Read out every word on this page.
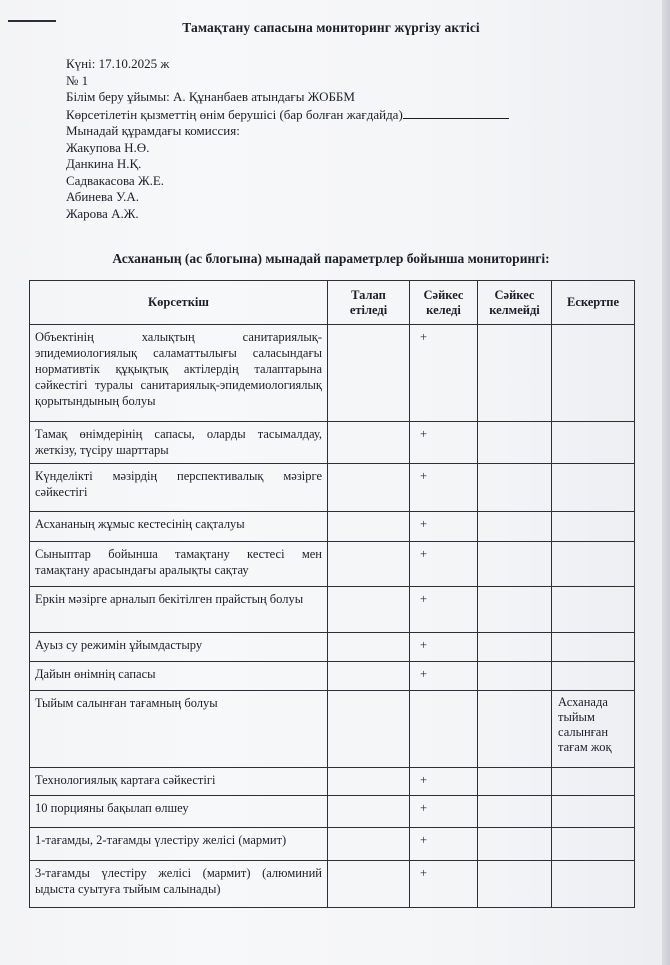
Тамақтану сапасына мониторинг жүргізу актісі
Күні: 17.10.2025 ж
№ 1
Білім беру ұйымы: А. Құнанбаев атындағы ЖОББМ
Көрсетілетін қызметтің өнім берушісі (бар болған жағдайда)
Мынадай құрамдағы комиссия:
Жакупова Н.Ө.
Данкина Н.Қ.
Садвакасова Ж.Е.
Абинева У.А.
Жарова А.Ж.
Асхананың (ас блогына) мынадай параметрлер бойынша мониторингі:
Көрсеткіш	Талап етіледі	Сәйкес келеді	Сәйкес келмейді	Ескертпе
Объектінің халықтың санитариялық-эпидемиологиялық саламаттылығы саласындағы нормативтік құқықтық актілердің талаптарына сәйкестігі туралы санитариялық-эпидемиологиялық қорытындының болуы		+		
Тамақ өнімдерінің сапасы, оларды тасымалдау, жеткізу, түсіру шарттары		+		
Күнделікті мәзірдің перспективалық мәзірге сәйкестігі		+		
Асхананың жұмыс кестесінің сақталуы		+		
Сыныптар бойынша тамақтану кестесі мен тамақтану арасындағы аралықты сақтау		+		
Еркін мәзірге арналып бекітілген прайстың болуы		+		
Ауыз су режимін ұйымдастыру		+		
Дайын өнімнің сапасы		+		
Тыйым салынған тағамның болуы				Асханада тыйым салынған тағам жоқ
Технологиялық картаға сәйкестігі		+		
10 порцияны бақылап өлшеу		+		
1-тағамды, 2-тағамды үлестіру желісі (мармит)		+		
3-тағамды үлестіру желісі (мармит) (алюминий ыдыста суытуға тыйым салынады)		+		
